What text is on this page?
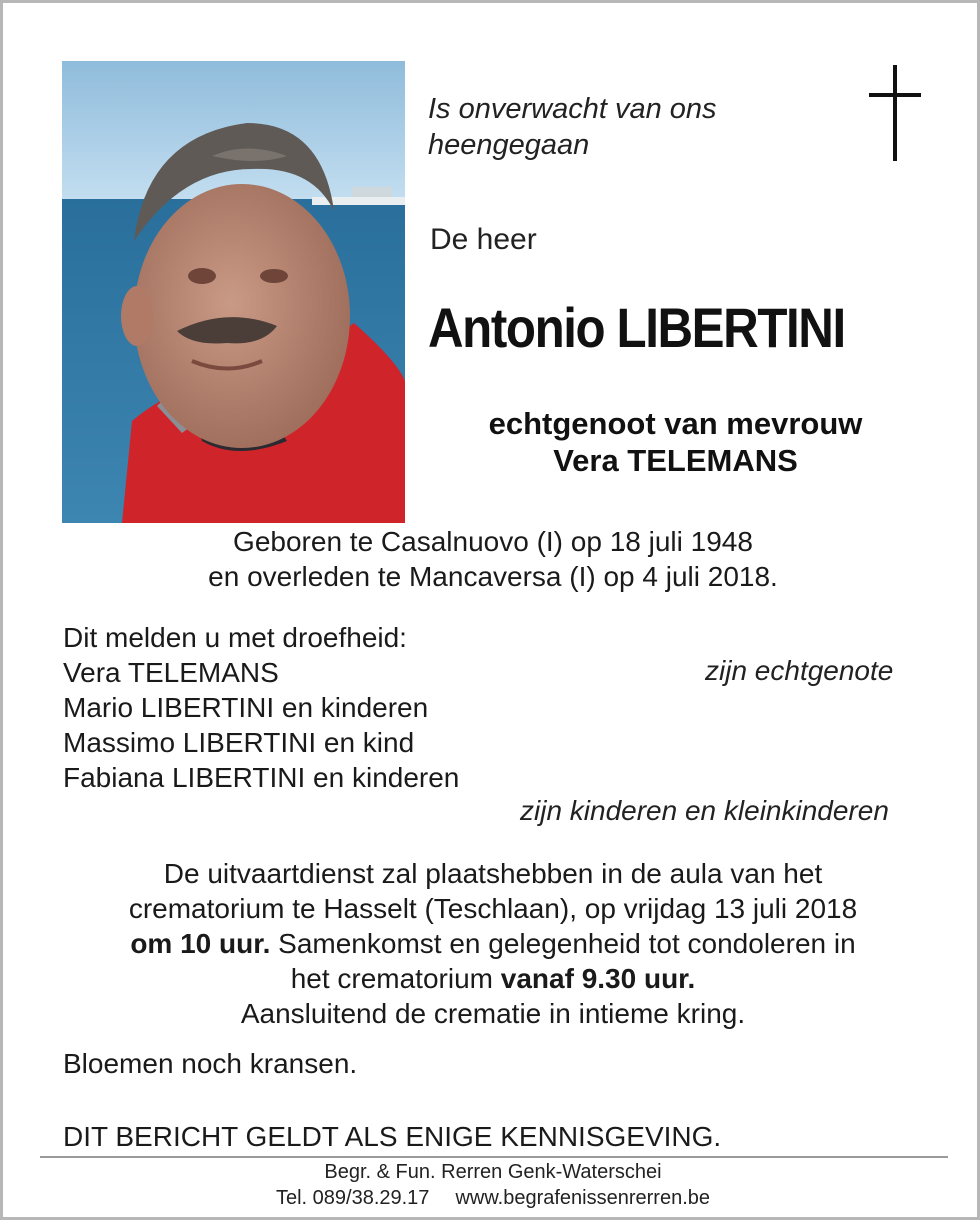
Is onverwacht van ons
heengegaan
De heer
Antonio LIBERTINI
echtgenoot van mevrouw
Vera TELEMANS
Geboren te Casalnuovo (I) op 18 juli 1948
en overleden te Mancaversa (I) op 4 juli 2018.
Dit melden u met droefheid:
Vera TELEMANS
Mario LIBERTINI en kinderen
Massimo LIBERTINI en kind
Fabiana LIBERTINI en kinderen
zijn echtgenote
zijn kinderen en kleinkinderen
De uitvaartdienst zal plaatshebben in de aula van het
crematorium te Hasselt (Teschlaan), op vrijdag 13 juli 2018
om 10 uur. Samenkomst en gelegenheid tot condoleren in
het crematorium vanaf 9.30 uur.
Aansluitend de crematie in intieme kring.
Bloemen noch kransen.
DIT BERICHT GELDT ALS ENIGE KENNISGEVING.
Begr. & Fun. Rerren Genk-Waterschei
Tel. 089/38.29.17 www.begrafenissenrerren.be
